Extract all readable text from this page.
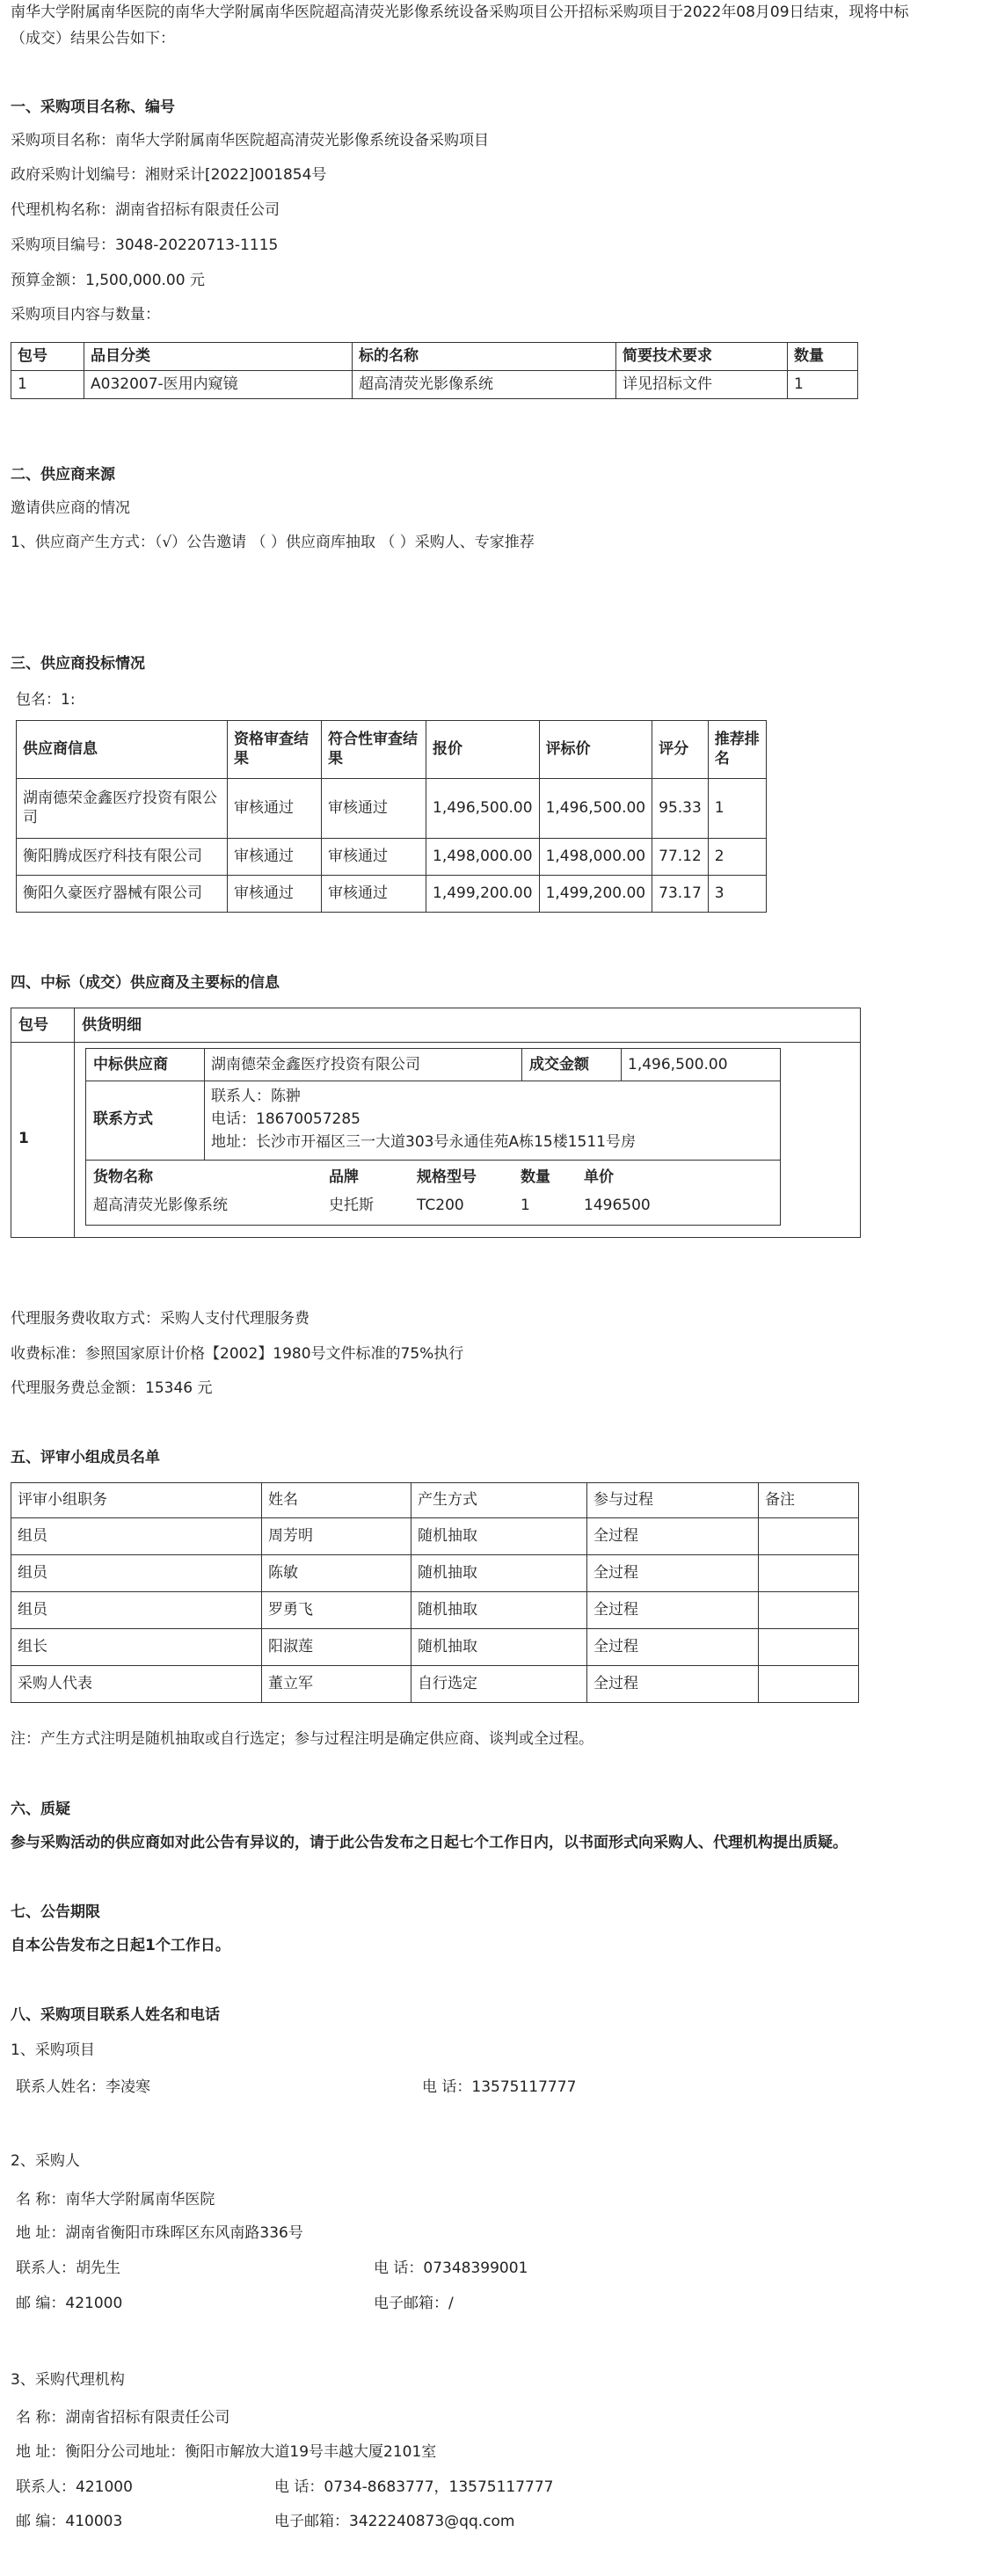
南华大学附属南华医院的南华大学附属南华医院超高清荧光影像系统设备采购项目公开招标采购项目于2022年08月09日结束，现将中标
（成交）结果公告如下：
一、采购项目名称、编号
采购项目名称：南华大学附属南华医院超高清荧光影像系统设备采购项目
政府采购计划编号：湘财采计[2022]001854号
代理机构名称：湖南省招标有限责任公司
采购项目编号：3048-20220713-1115
预算金额：1,500,000.00 元
采购项目内容与数量：
包号	品目分类	标的名称	简要技术要求	数量
1	A032007-医用内窥镜	超高清荧光影像系统	详见招标文件	1
二、供应商来源
邀请供应商的情况
1、供应商产生方式：（√）公告邀请 （ ）供应商库抽取 （ ）采购人、专家推荐
三、供应商投标情况
包名：1:
供应商信息	资格审查结果	符合性审查结果	报价	评标价	评分	推荐排名
湖南德荣金鑫医疗投资有限公司	审核通过	审核通过	1,496,500.00	1,496,500.00	95.33	1
衡阳腾成医疗科技有限公司	审核通过	审核通过	1,498,000.00	1,498,000.00	77.12	2
衡阳久豪医疗器械有限公司	审核通过	审核通过	1,499,200.00	1,499,200.00	73.17	3
四、中标（成交）供应商及主要标的信息
包号 供货明细
1
中标供应商	湖南德荣金鑫医疗投资有限公司	成交金额	1,496,500.00
联系方式
联系人：陈翀
电话：18670057285
地址：长沙市开福区三一大道303号永通佳苑A栋15楼1511号房
货物名称	品牌	规格型号	数量 单价
超高清荧光影像系统	史托斯	TC200	1	1496500
代理服务费收取方式：采购人支付代理服务费
收费标准：参照国家原计价格【2002】1980号文件标准的75%执行
代理服务费总金额：15346 元
五、评审小组成员名单
评审小组职务	姓名	产生方式	参与过程	备注
组员	周芳明	随机抽取	全过程	
组员	陈敏	随机抽取	全过程	
组员	罗勇飞	随机抽取	全过程	
组长	阳淑莲	随机抽取	全过程	
采购人代表	董立军	自行选定	全过程	
注：产生方式注明是随机抽取或自行选定；参与过程注明是确定供应商、谈判或全过程。
六、质疑
参与采购活动的供应商如对此公告有异议的，请于此公告发布之日起七个工作日内，以书面形式向采购人、代理机构提出质疑。
七、公告期限
自本公告发布之日起1个工作日。
八、采购项目联系人姓名和电话
1、采购项目
联系人姓名：李凌寒	电 话：13575117777
2、采购人
名 称：南华大学附属南华医院
地 址：湖南省衡阳市珠晖区东风南路336号
联系人：胡先生	电 话：07348399001
邮 编：421000	电子邮箱：/
3、采购代理机构
名 称：湖南省招标有限责任公司
地 址：衡阳分公司地址：衡阳市解放大道19号丰越大厦2101室
联系人：421000	电 话：0734-8683777，13575117777
邮 编：410003	电子邮箱：3422240873@qq.com
